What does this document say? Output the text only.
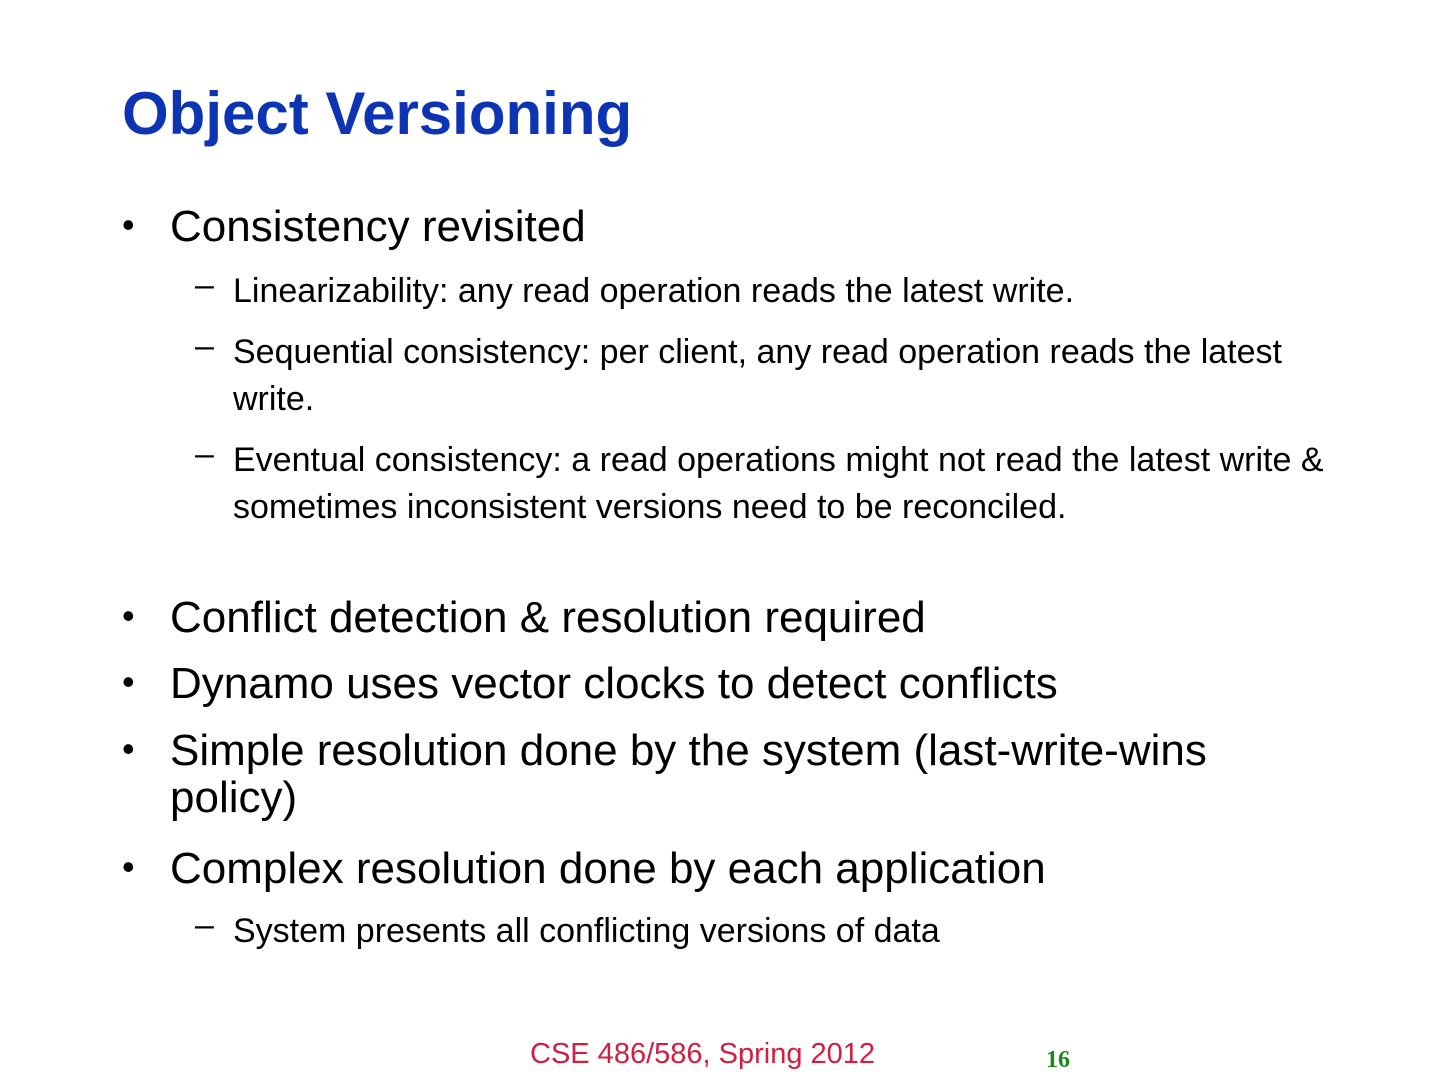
Object Versioning

• Consistency revisited

– Linearizability: any read operation reads the latest write.

– Sequential consistency: per client, any read operation reads the latest write.

– Eventual consistency: a read operations might not read the latest write & sometimes inconsistent versions need to be reconciled.

• Conflict detection & resolution required

• Dynamo uses vector clocks to detect conflicts

• Simple resolution done by the system (last-write-wins policy)

• Complex resolution done by each application

– System presents all conflicting versions of data

CSE 486/586, Spring 2012	16
